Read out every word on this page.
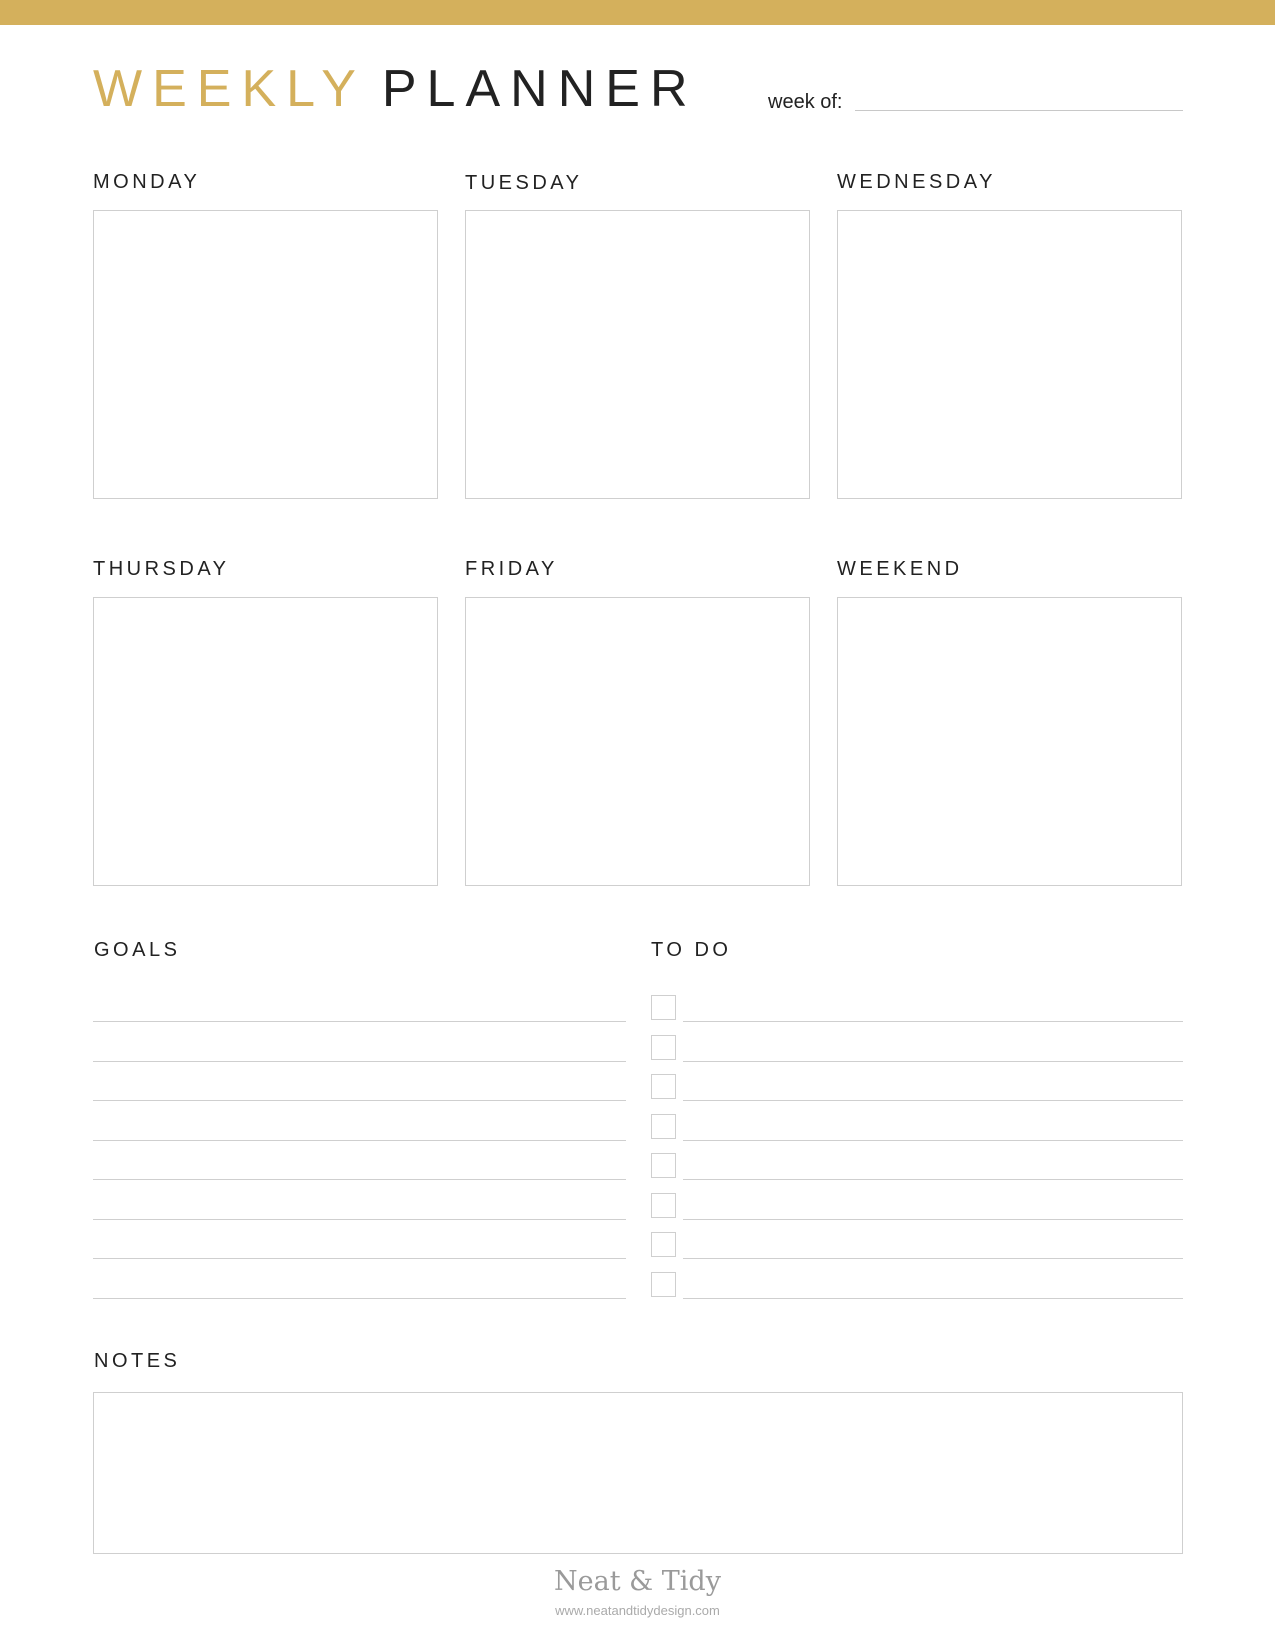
WEEKLY PLANNER	week of:
MONDAY	TUESDAY	WEDNESDAY
THURSDAY	FRIDAY	WEEKEND
GOALS	TO DO
NOTES
Neat & Tidy
www.neatandtidydesign.com
